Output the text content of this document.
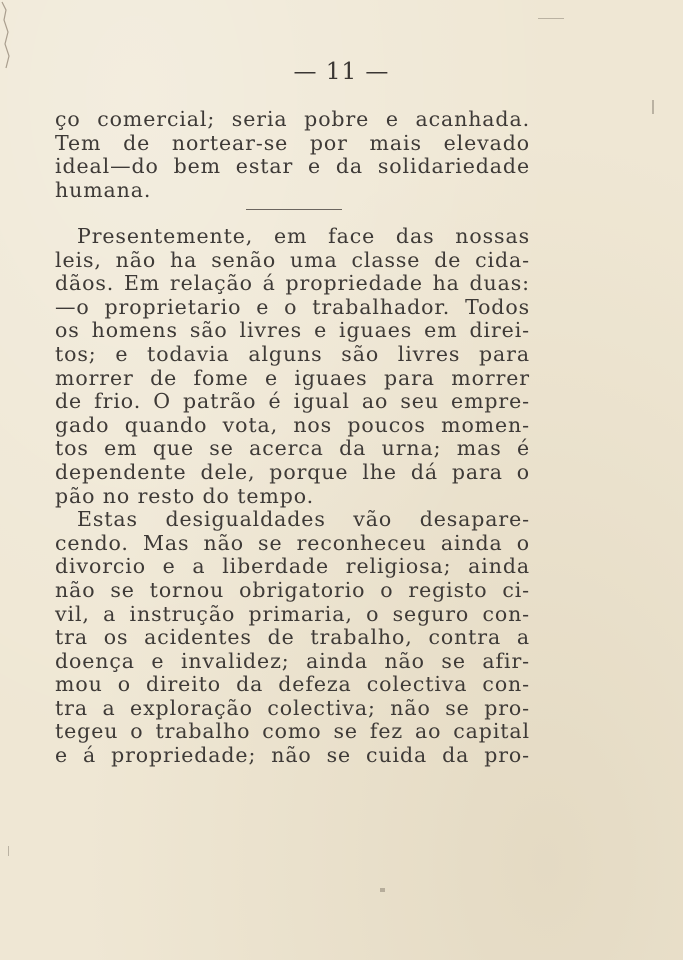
— 11 —
ço comercial; seria pobre e acanhada.
Tem de nortear-se por mais elevado
ideal—do bem estar e da solidariedade
humana.
Presentemente, em face das nossas
leis, não ha senão uma classe de cida-
dãos. Em relação á propriedade ha duas:
—o proprietario e o trabalhador. Todos
os homens são livres e iguaes em direi-
tos; e todavia alguns são livres para
morrer de fome e iguaes para morrer
de frio. O patrão é igual ao seu empre-
gado quando vota, nos poucos momen-
tos em que se acerca da urna; mas é
dependente dele, porque lhe dá para o
pão no resto do tempo.
Estas desigualdades vão desapare-
cendo. Mas não se reconheceu ainda o
divorcio e a liberdade religiosa; ainda
não se tornou obrigatorio o registo ci-
vil, a instrução primaria, o seguro con-
tra os acidentes de trabalho, contra a
doença e invalidez; ainda não se afir-
mou o direito da defeza colectiva con-
tra a exploração colectiva; não se pro-
tegeu o trabalho como se fez ao capital
e á propriedade; não se cuida da pro-
